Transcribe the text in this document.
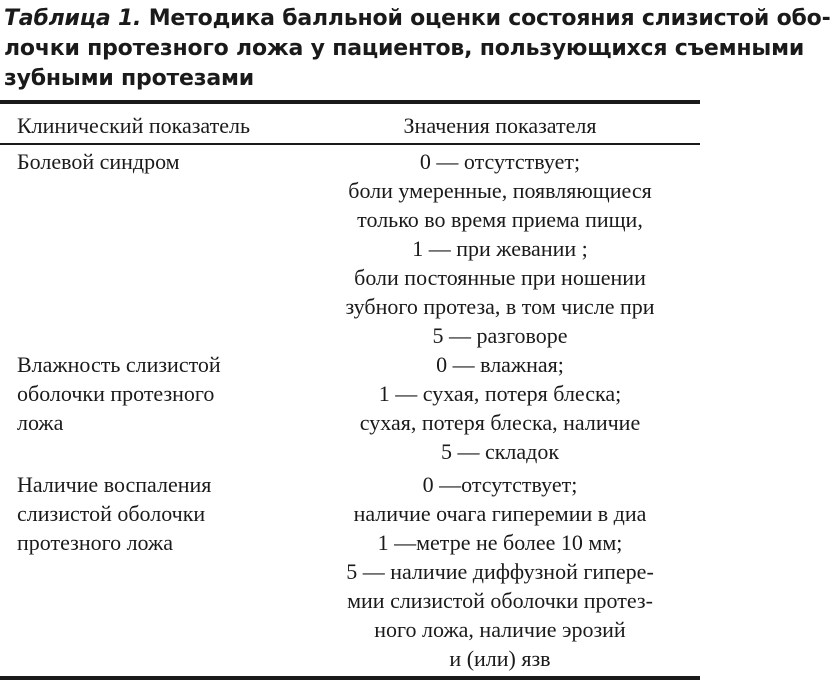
Таблица 1. Методика балльной оценки состояния слизистой обо-
лочки протезного ложа у пациентов, пользующихся съемными
зубными протезами
Клинический показатель	Значения показателя
Болевой синдром	0 — отсутствует;
боли умеренные, появляющиеся
только во время приема пищи,
1 — при жевании ;
боли постоянные при ношении
зубного протеза, в том числе при
5 — разговоре
Влажность слизистой
оболочки протезного
ложа
0 — влажная;
1 — сухая, потеря блеска;
сухая, потеря блеска, наличие
5 — складок
Наличие воспаления
слизистой оболочки
протезного ложа
0 —отсутствует;
наличие очага гиперемии в диа
1 —метре не более 10 мм;
5 — наличие диффузной гипере-
мии слизистой оболочки протез-
ного ложа, наличие эрозий
и (или) язв
